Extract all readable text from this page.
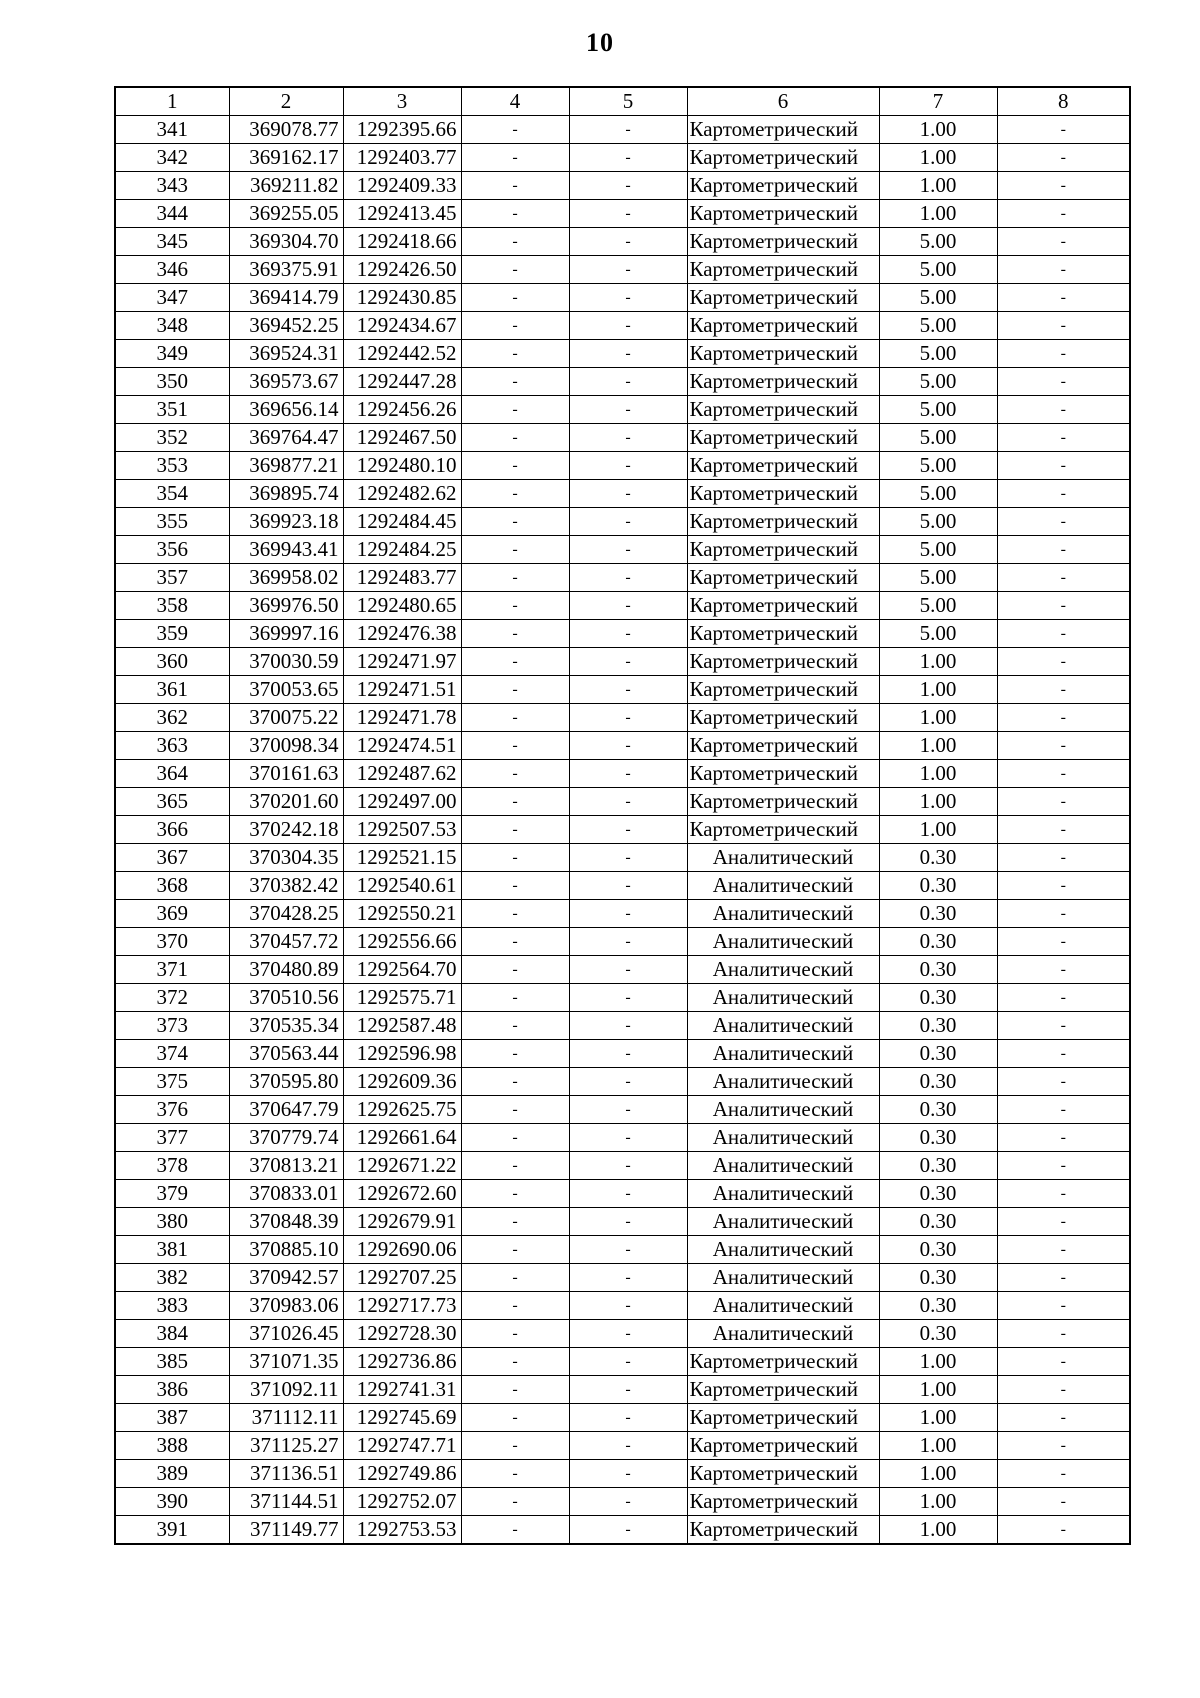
10
1	2	3	4	5	6	7	8
341	369078.77	1292395.66	-	-	Картометрический	1.00	-
342	369162.17	1292403.77	-	-	Картометрический	1.00	-
343	369211.82	1292409.33	-	-	Картометрический	1.00	-
344	369255.05	1292413.45	-	-	Картометрический	1.00	-
345	369304.70	1292418.66	-	-	Картометрический	5.00	-
346	369375.91	1292426.50	-	-	Картометрический	5.00	-
347	369414.79	1292430.85	-	-	Картометрический	5.00	-
348	369452.25	1292434.67	-	-	Картометрический	5.00	-
349	369524.31	1292442.52	-	-	Картометрический	5.00	-
350	369573.67	1292447.28	-	-	Картометрический	5.00	-
351	369656.14	1292456.26	-	-	Картометрический	5.00	-
352	369764.47	1292467.50	-	-	Картометрический	5.00	-
353	369877.21	1292480.10	-	-	Картометрический	5.00	-
354	369895.74	1292482.62	-	-	Картометрический	5.00	-
355	369923.18	1292484.45	-	-	Картометрический	5.00	-
356	369943.41	1292484.25	-	-	Картометрический	5.00	-
357	369958.02	1292483.77	-	-	Картометрический	5.00	-
358	369976.50	1292480.65	-	-	Картометрический	5.00	-
359	369997.16	1292476.38	-	-	Картометрический	5.00	-
360	370030.59	1292471.97	-	-	Картометрический	1.00	-
361	370053.65	1292471.51	-	-	Картометрический	1.00	-
362	370075.22	1292471.78	-	-	Картометрический	1.00	-
363	370098.34	1292474.51	-	-	Картометрический	1.00	-
364	370161.63	1292487.62	-	-	Картометрический	1.00	-
365	370201.60	1292497.00	-	-	Картометрический	1.00	-
366	370242.18	1292507.53	-	-	Картометрический	1.00	-
367	370304.35	1292521.15	-	-	Аналитический	0.30	-
368	370382.42	1292540.61	-	-	Аналитический	0.30	-
369	370428.25	1292550.21	-	-	Аналитический	0.30	-
370	370457.72	1292556.66	-	-	Аналитический	0.30	-
371	370480.89	1292564.70	-	-	Аналитический	0.30	-
372	370510.56	1292575.71	-	-	Аналитический	0.30	-
373	370535.34	1292587.48	-	-	Аналитический	0.30	-
374	370563.44	1292596.98	-	-	Аналитический	0.30	-
375	370595.80	1292609.36	-	-	Аналитический	0.30	-
376	370647.79	1292625.75	-	-	Аналитический	0.30	-
377	370779.74	1292661.64	-	-	Аналитический	0.30	-
378	370813.21	1292671.22	-	-	Аналитический	0.30	-
379	370833.01	1292672.60	-	-	Аналитический	0.30	-
380	370848.39	1292679.91	-	-	Аналитический	0.30	-
381	370885.10	1292690.06	-	-	Аналитический	0.30	-
382	370942.57	1292707.25	-	-	Аналитический	0.30	-
383	370983.06	1292717.73	-	-	Аналитический	0.30	-
384	371026.45	1292728.30	-	-	Аналитический	0.30	-
385	371071.35	1292736.86	-	-	Картометрический	1.00	-
386	371092.11	1292741.31	-	-	Картометрический	1.00	-
387	371112.11	1292745.69	-	-	Картометрический	1.00	-
388	371125.27	1292747.71	-	-	Картометрический	1.00	-
389	371136.51	1292749.86	-	-	Картометрический	1.00	-
390	371144.51	1292752.07	-	-	Картометрический	1.00	-
391	371149.77	1292753.53	-	-	Картометрический	1.00	-
